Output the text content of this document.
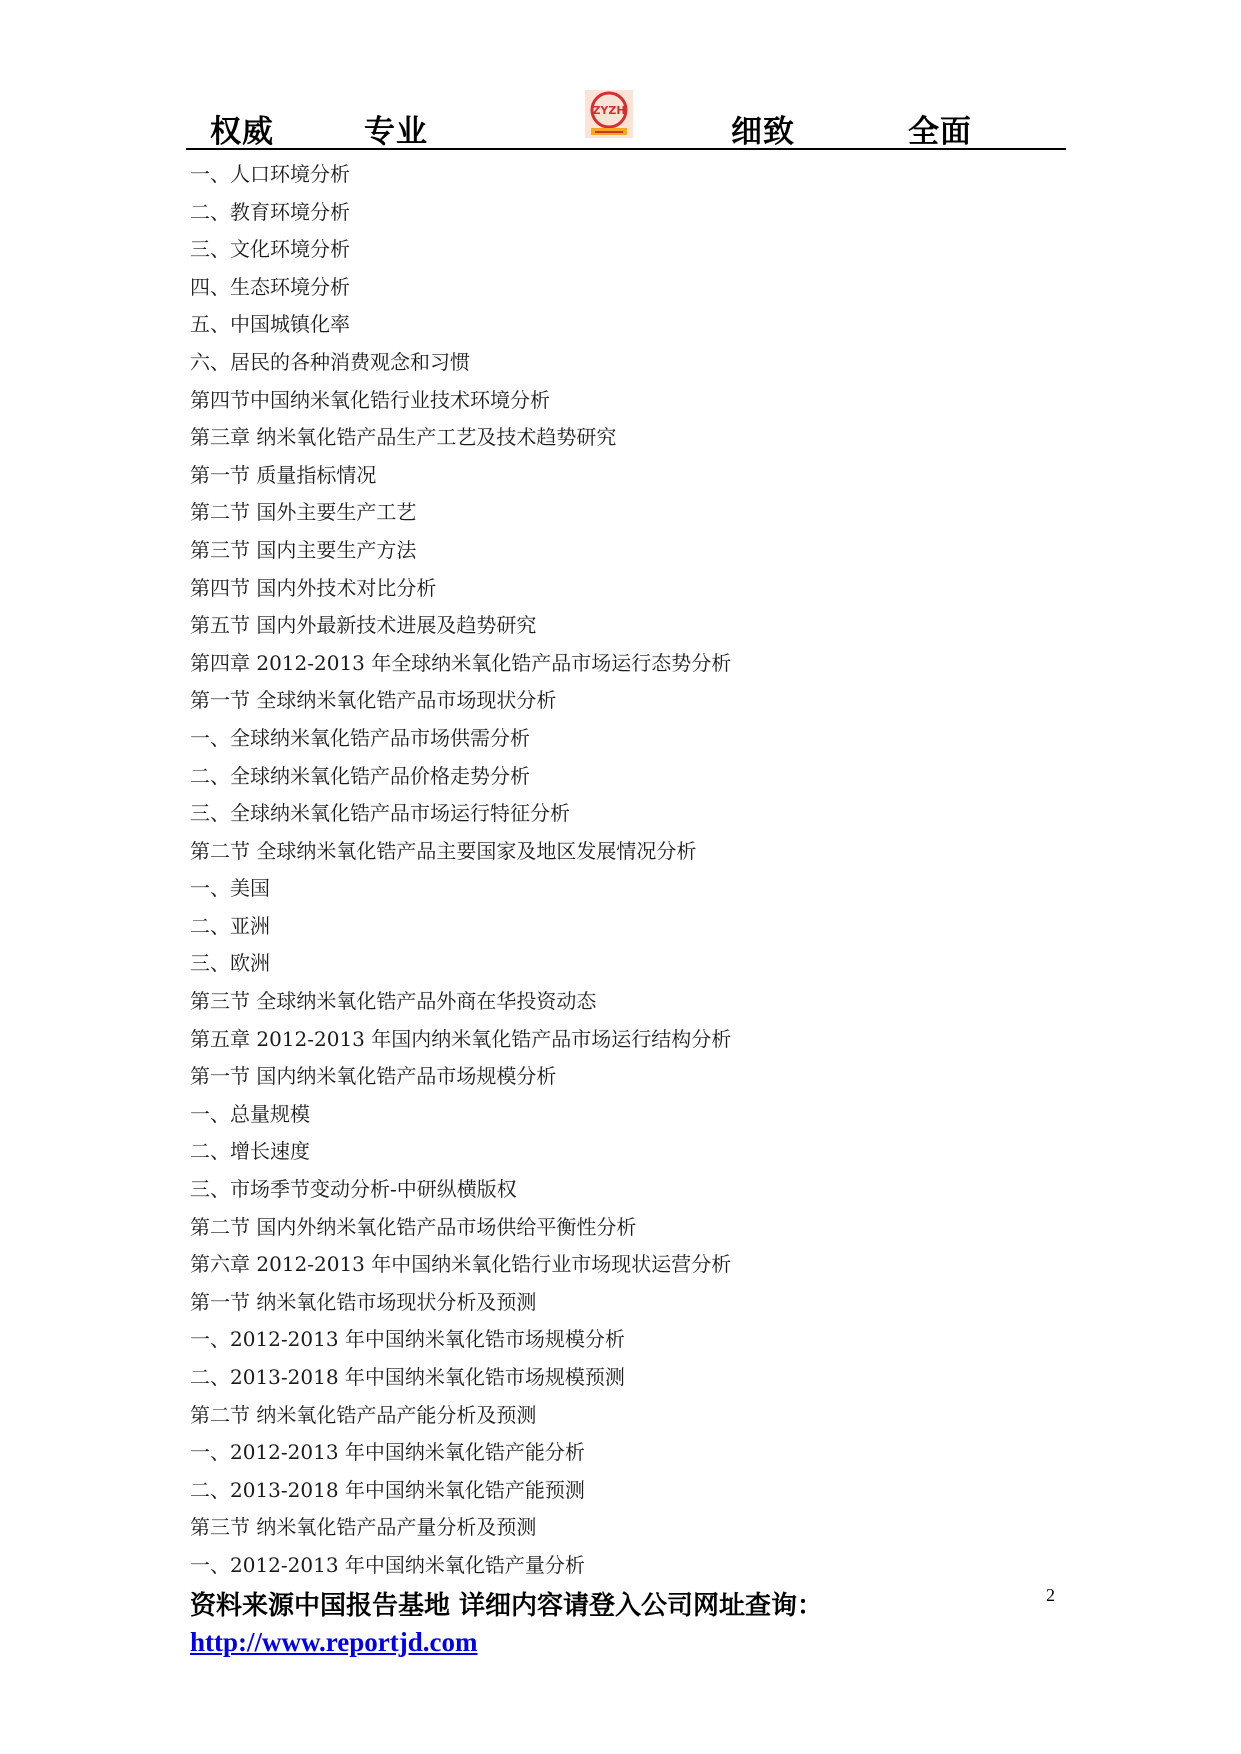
权威	专业
ZYZH
细致	全面
一、人口环境分析
二、教育环境分析
三、文化环境分析
四、生态环境分析
五、中国城镇化率
六、居民的各种消费观念和习惯
第四节中国纳米氧化锆行业技术环境分析
第三章 纳米氧化锆产品生产工艺及技术趋势研究
第一节 质量指标情况
第二节 国外主要生产工艺
第三节 国内主要生产方法
第四节 国内外技术对比分析
第五节 国内外最新技术进展及趋势研究
第四章 2012-2013 年全球纳米氧化锆产品市场运行态势分析
第一节 全球纳米氧化锆产品市场现状分析
一、全球纳米氧化锆产品市场供需分析
二、全球纳米氧化锆产品价格走势分析
三、全球纳米氧化锆产品市场运行特征分析
第二节 全球纳米氧化锆产品主要国家及地区发展情况分析
一、美国
二、亚洲
三、欧洲
第三节 全球纳米氧化锆产品外商在华投资动态
第五章 2012-2013 年国内纳米氧化锆产品市场运行结构分析
第一节 国内纳米氧化锆产品市场规模分析
一、总量规模
二、增长速度
三、市场季节变动分析-中研纵横版权
第二节 国内外纳米氧化锆产品市场供给平衡性分析
第六章 2012-2013 年中国纳米氧化锆行业市场现状运营分析
第一节 纳米氧化锆市场现状分析及预测
一、2012-2013 年中国纳米氧化锆市场规模分析
二、2013-2018 年中国纳米氧化锆市场规模预测
第二节 纳米氧化锆产品产能分析及预测
一、2012-2013 年中国纳米氧化锆产能分析
二、2013-2018 年中国纳米氧化锆产能预测
第三节 纳米氧化锆产品产量分析及预测
一、2012-2013 年中国纳米氧化锆产量分析
资料来源中国报告基地 详细内容请登入公司网址查询：
http://www.reportjd.com
2
